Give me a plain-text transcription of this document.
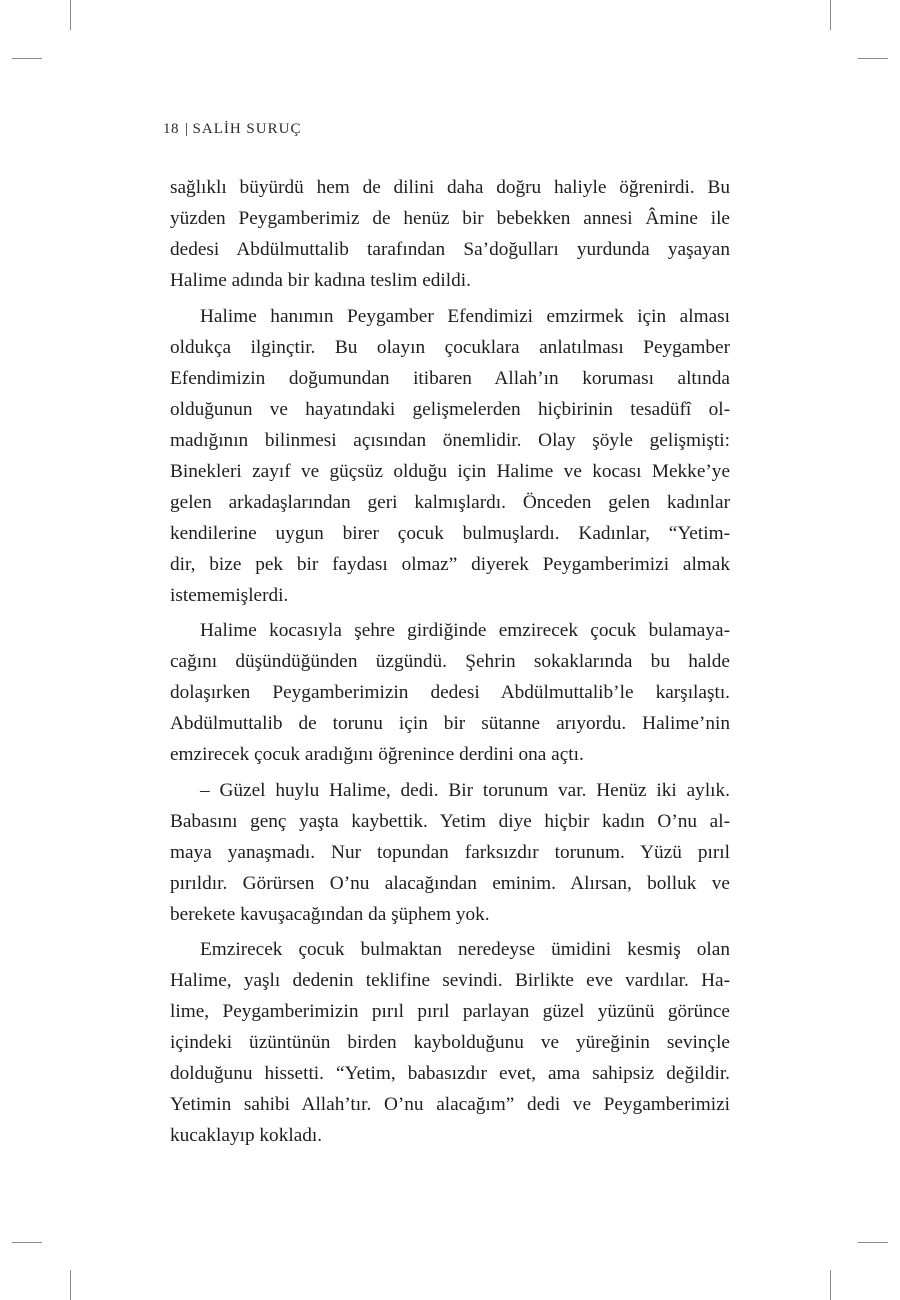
18 | SALİH SURUÇ
sağlıklı büyürdü hem de dilini daha doğru haliyle öğrenirdi. Bu
yüzden Peygamberimiz de henüz bir bebekken annesi Âmine ile
dedesi Abdülmuttalib tarafından Sa’doğulları yurdunda yaşayan
Halime adında bir kadına teslim edildi.
Halime hanımın Peygamber Efendimizi emzirmek için alması
oldukça ilginçtir. Bu olayın çocuklara anlatılması Peygamber
Efendimizin doğumundan itibaren Allah’ın koruması altında
olduğunun ve hayatındaki gelişmelerden hiçbirinin tesadüfî ol-
madığının bilinmesi açısından önemlidir. Olay şöyle gelişmişti:
Binekleri zayıf ve güçsüz olduğu için Halime ve kocası Mekke’ye
gelen arkadaşlarından geri kalmışlardı. Önceden gelen kadınlar
kendilerine uygun birer çocuk bulmuşlardı. Kadınlar, “Yetim-
dir, bize pek bir faydası olmaz” diyerek Peygamberimizi almak
istememişlerdi.
Halime kocasıyla şehre girdiğinde emzirecek çocuk bulamaya-
cağını düşündüğünden üzgündü. Şehrin sokaklarında bu halde
dolaşırken Peygamberimizin dedesi Abdülmuttalib’le karşılaştı.
Abdülmuttalib de torunu için bir sütanne arıyordu. Halime’nin
emzirecek çocuk aradığını öğrenince derdini ona açtı.
– Güzel huylu Halime, dedi. Bir torunum var. Henüz iki aylık.
Babasını genç yaşta kaybettik. Yetim diye hiçbir kadın O’nu al-
maya yanaşmadı. Nur topundan farksızdır torunum. Yüzü pırıl
pırıldır. Görürsen O’nu alacağından eminim. Alırsan, bolluk ve
berekete kavuşacağından da şüphem yok.
Emzirecek çocuk bulmaktan neredeyse ümidini kesmiş olan
Halime, yaşlı dedenin teklifine sevindi. Birlikte eve vardılar. Ha-
lime, Peygamberimizin pırıl pırıl parlayan güzel yüzünü görünce
içindeki üzüntünün birden kaybolduğunu ve yüreğinin sevinçle
dolduğunu hissetti. “Yetim, babasızdır evet, ama sahipsiz değildir.
Yetimin sahibi Allah’tır. O’nu alacağım” dedi ve Peygamberimizi
kucaklayıp kokladı.
